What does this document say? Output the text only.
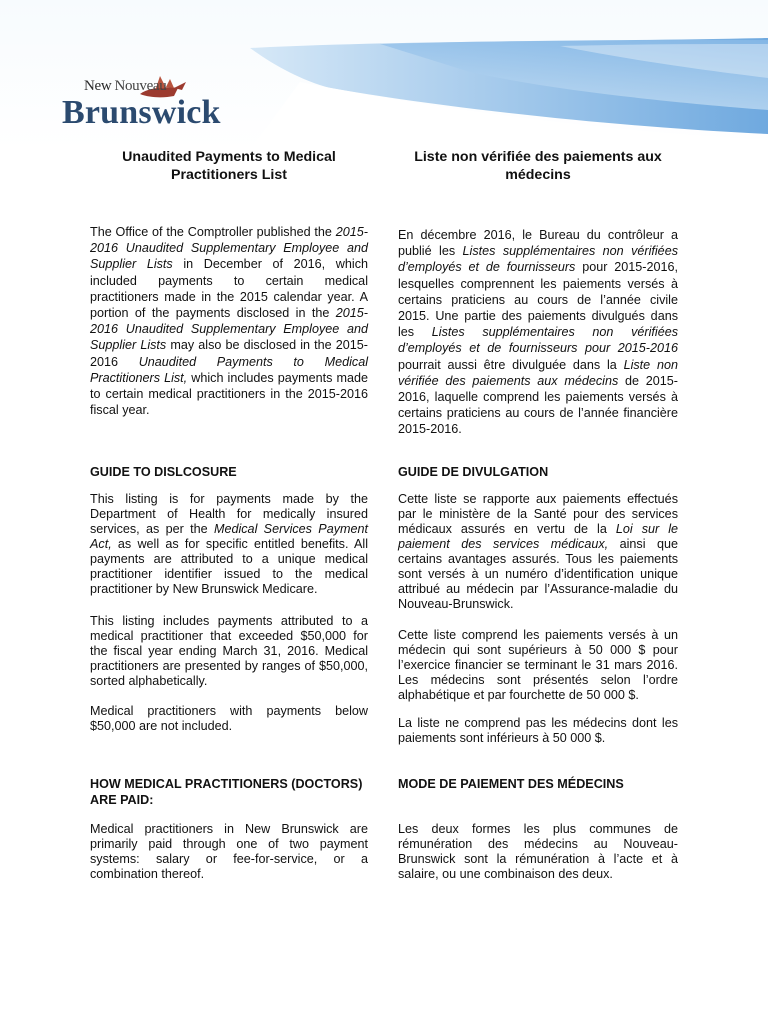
New Nouveau
Brunswick
Unaudited Payments to Medical
Practitioners List
Liste non vérifiée des paiements aux
médecins

The Office of the Comptroller published the 2015-2016 Unaudited Supplementary Employee and Supplier Lists in December of 2016, which included payments to certain medical practitioners made in the 2015 calendar year. A portion of the payments disclosed in the 2015-2016 Unaudited Supplementary Employee and Supplier Lists may also be disclosed in the 2015-2016 Unaudited Payments to Medical Practitioners List, which includes payments made to certain medical practitioners in the 2015-2016 fiscal year.

GUIDE TO DISLCOSURE

This listing is for payments made by the Department of Health for medically insured services, as per the Medical Services Payment Act, as well as for specific entitled benefits. All payments are attributed to a unique medical practitioner identifier issued to the medical practitioner by New Brunswick Medicare.

This listing includes payments attributed to a medical practitioner that exceeded $50,000 for the fiscal year ending March 31, 2016. Medical practitioners are presented by ranges of $50,000, sorted alphabetically.

Medical practitioners with payments below $50,000 are not included.

HOW MEDICAL PRACTITIONERS (DOCTORS) ARE PAID:

Medical practitioners in New Brunswick are primarily paid through one of two payment systems: salary or fee-for-service, or a combination thereof.

En décembre 2016, le Bureau du contrôleur a publié les Listes supplémentaires non vérifiées d’employés et de fournisseurs pour 2015-2016, lesquelles comprennent les paiements versés à certains praticiens au cours de l’année civile 2015. Une partie des paiements divulgués dans les Listes supplémentaires non vérifiées d’employés et de fournisseurs pour 2015-2016 pourrait aussi être divulguée dans la Liste non vérifiée des paiements aux médecins de 2015-2016, laquelle comprend les paiements versés à certains praticiens au cours de l’année financière 2015-2016.

GUIDE DE DIVULGATION

Cette liste se rapporte aux paiements effectués par le ministère de la Santé pour des services médicaux assurés en vertu de la Loi sur le paiement des services médicaux, ainsi que certains avantages assurés. Tous les paiements sont versés à un numéro d’identification unique attribué au médecin par l’Assurance-maladie du Nouveau-Brunswick.

Cette liste comprend les paiements versés à un médecin qui sont supérieurs à 50 000 $ pour l’exercice financier se terminant le 31 mars 2016. Les médecins sont présentés selon l’ordre alphabétique et par fourchette de 50 000 $.

La liste ne comprend pas les médecins dont les paiements sont inférieurs à 50 000 $.

MODE DE PAIEMENT DES MÉDECINS

Les deux formes les plus communes de rémunération des médecins au Nouveau-Brunswick sont la rémunération à l’acte et à salaire, ou une combinaison des deux.
